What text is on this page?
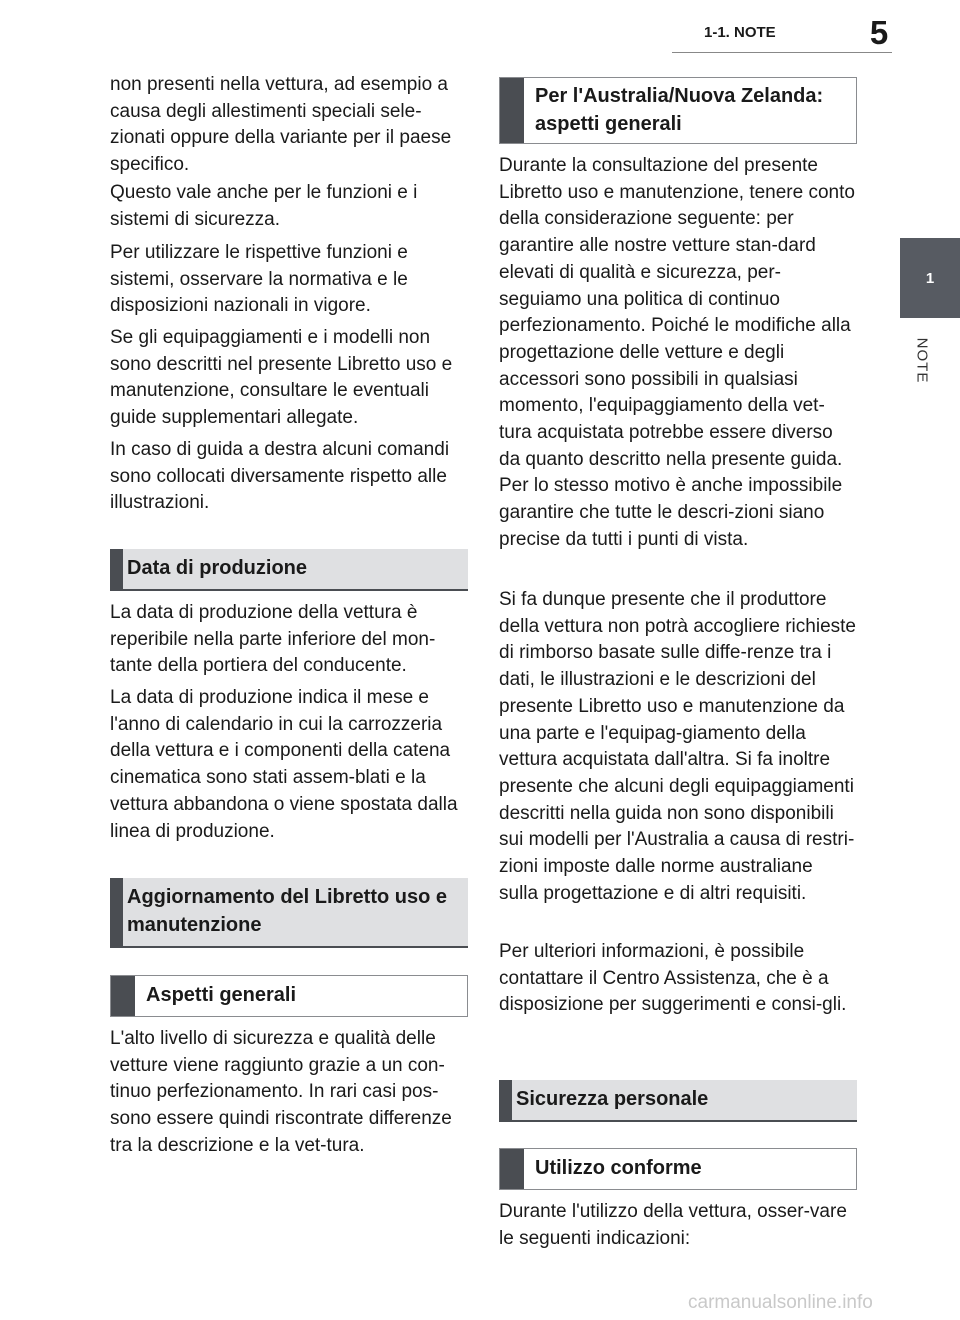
1-1. NOTE	5
1
NOTE

non presenti nella vettura, ad esempio a causa degli allestimenti speciali sele-zionati oppure della variante per il paese specifico.

Questo vale anche per le funzioni e i sistemi di sicurezza.

Per utilizzare le rispettive funzioni e sistemi, osservare la normativa e le disposizioni nazionali in vigore.

Se gli equipaggiamenti e i modelli non sono descritti nel presente Libretto uso e manutenzione, consultare le eventuali guide supplementari allegate.

In caso di guida a destra alcuni comandi sono collocati diversamente rispetto alle illustrazioni.

Data di produzione

La data di produzione della vettura è reperibile nella parte inferiore del mon-tante della portiera del conducente.

La data di produzione indica il mese e l'anno di calendario in cui la carrozzeria della vettura e i componenti della catena cinematica sono stati assem-blati e la vettura abbandona o viene spostata dalla linea di produzione.

Aggiornamento del Libretto uso e manutenzione
Aspetti generali

L'alto livello di sicurezza e qualità delle vetture viene raggiunto grazie a un con-tinuo perfezionamento. In rari casi pos-sono essere quindi riscontrate differenze tra la descrizione e la vet-tura.

Per l'Australia/Nuova Zelanda: aspetti generali

Durante la consultazione del presente Libretto uso e manutenzione, tenere conto della considerazione seguente: per garantire alle nostre vetture stan-dard elevati di qualità e sicurezza, per-seguiamo una politica di continuo perfezionamento. Poiché le modifiche alla progettazione delle vetture e degli accessori sono possibili in qualsiasi momento, l'equipaggiamento della vet-tura acquistata potrebbe essere diverso da quanto descritto nella presente guida. Per lo stesso motivo è anche impossibile garantire che tutte le descri-zioni siano precise da tutti i punti di vista.

Si fa dunque presente che il produttore della vettura non potrà accogliere richieste di rimborso basate sulle diffe-renze tra i dati, le illustrazioni e le descrizioni del presente Libretto uso e manutenzione da una parte e l'equipag-giamento della vettura acquistata dall'altra. Si fa inoltre presente che alcuni degli equipaggiamenti descritti nella guida non sono disponibili sui modelli per l'Australia a causa di restri-zioni imposte dalle norme australiane sulla progettazione e di altri requisiti.

Per ulteriori informazioni, è possibile contattare il Centro Assistenza, che è a disposizione per suggerimenti e consi-gli.

Sicurezza personale
Utilizzo conforme

Durante l'utilizzo della vettura, osser-vare le seguenti indicazioni:

carmanualsonline.info
